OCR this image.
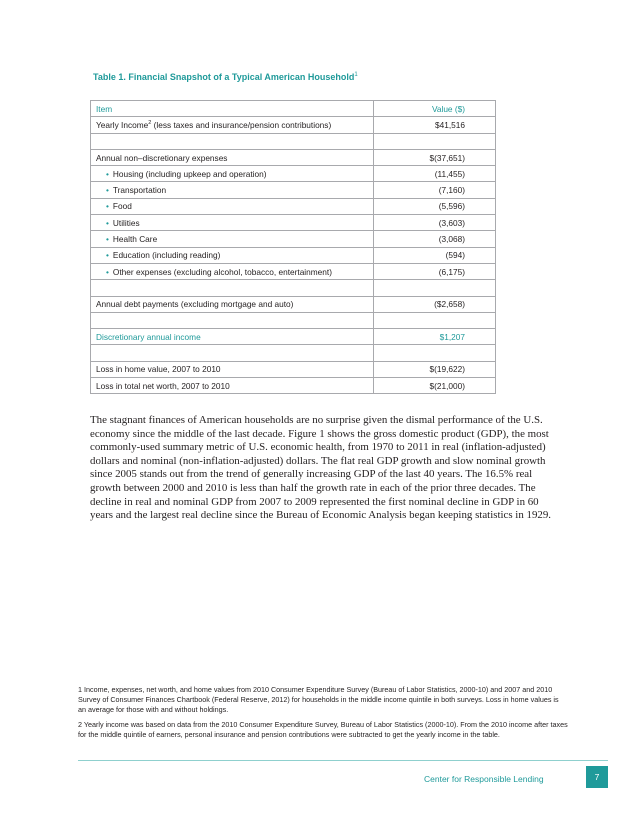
Table 1. Financial Snapshot of a Typical American Household$^1$
Item	Value ($)
Yearly Income$^2$ (less taxes and insurance/pension contributions)	$41,516

Annual non–discretionary expenses	$(37,651)
• Housing (including upkeep and operation)	(11,455)
• Transportation	(7,160)
• Food	(5,596)
• Utilities	(3,603)
• Health Care	(3,068)
• Education (including reading)	(594)
• Other expenses (excluding alcohol, tobacco, entertainment)	(6,175)

Annual debt payments (excluding mortgage and auto)	($2,658)

Discretionary annual income	$1,207

Loss in home value, 2007 to 2010	$(19,622)
Loss in total net worth, 2007 to 2010	$(21,000)
The stagnant finances of American households are no surprise given the dismal performance of the U.S. economy since the middle of the last decade. Figure 1 shows the gross domestic product (GDP), the most commonly-used summary metric of U.S. economic health, from 1970 to 2011 in real (inflation-adjusted) dollars and nominal (non-inflation-adjusted) dollars. The flat real GDP growth and slow nominal growth since 2005 stands out from the trend of generally increasing GDP of the last 40 years. The 16.5% real growth between 2000 and 2010 is less than half the growth rate in each of the prior three decades. The decline in real and nominal GDP from 2007 to 2009 represented the first nominal decline in GDP in 60 years and the largest real decline since the Bureau of Economic Analysis began keeping statistics in 1929.

1 Income, expenses, net worth, and home values from 2010 Consumer Expenditure Survey (Bureau of Labor Statistics, 2000-10) and 2007 and 2010 Survey of Consumer Finances Chartbook (Federal Reserve, 2012) for households in the middle income quintile in both surveys. Loss in home values is an average for those with and without holdings.

2 Yearly income was based on data from the 2010 Consumer Expenditure Survey, Bureau of Labor Statistics (2000-10). From the 2010 income after taxes for the middle quintile of earners, personal insurance and pension contributions were subtracted to get the yearly income in the table.

Center for Responsible Lending	7
